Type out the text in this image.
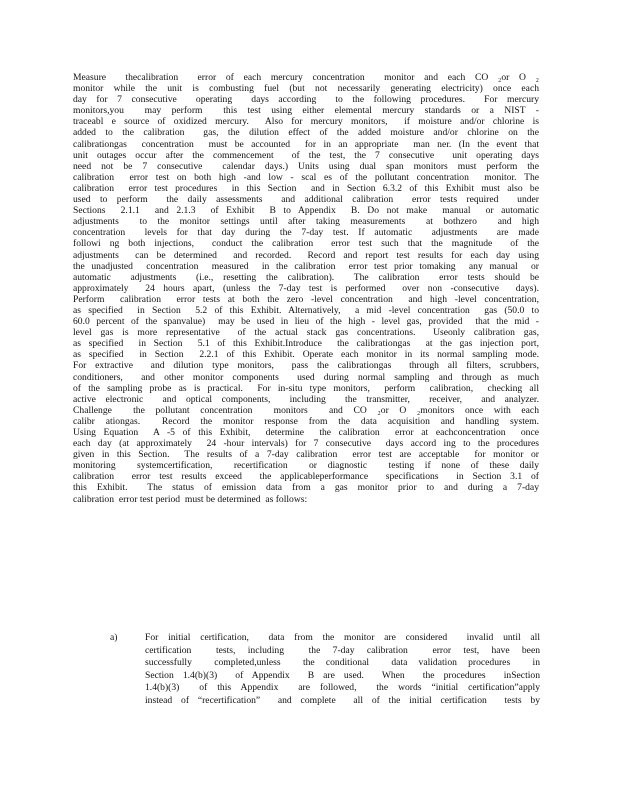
Measure  thecalibration  error of each mercury concentration  monitor and each CO ₂or O ₂
monitor while the unit is combusting fuel (but not necessarily generating electricity) once each
day for 7 consecutive  operating  days according  to the following procedures.  For mercury
monitors,you  may perform  this test using either elemental mercury standards or a NIST -
traceabl e source of oxidized mercury.  Also for mercury monitors,  if moisture and/or chlorine is
added to the calibration  gas, the dilution effect of the added moisture and/or chlorine on the
calibrationgas  concentration  must be accounted  for in an appropriate  man ner. (In the event that
unit outages occur after the commencement  of the test, the 7 consecutive  unit operating days
need not be 7 consecutive  calendar days.) Units using dual span monitors must perform the
calibration  error test on both high -and low - scal es of the pollutant concentration  monitor. The
calibration  error test procedures  in this Section  and in Section 6.3.2 of this Exhibit must also be
used to perform  the daily assessments  and additional calibration  error tests required  under
Sections  2.1.1  and 2.1.3  of Exhibit  B to Appendix  B. Do not make  manual  or automatic
adjustments  to the monitor settings until after taking measurements  at bothzero  and high
concentration  levels for that day during the 7-day test. If automatic  adjustments  are made
followi ng both injections,  conduct the calibration  error test such that the magnitude  of the
adjustments  can be determined  and recorded.  Record and report test results for each day using
the unadjusted  concentration  measured  in the calibration  error test prior tomaking  any manual  or
automatic  adjustments  (i.e., resetting the calibration).  The calibration  error tests should be
approximately  24 hours apart, (unless the 7-day test is performed  over non -consecutive  days).
Perform  calibration  error tests at both the zero -level concentration  and high -level concentration,
as specified  in Section  5.2 of this Exhibit. Alternatively,  a mid -level concentration  gas (50.0 to
60.0 percent of the spanvalue)  may be used in lieu of the high - level gas, provided  that the mid -
level gas is more representative  of the actual stack gas concentrations.  Useonly calibration gas,
as specified  in Section  5.1 of this Exhibit.Introduce  the calibrationgas  at the gas injection port,
as specified  in Section  2.2.1 of this Exhibit. Operate each monitor in its normal sampling mode.
For extractive  and dilution type monitors,  pass the calibrationgas  through all filters, scrubbers,
conditioners,  and other monitor components  used during normal sampling and through as much
of the sampling probe as is practical.  For in-situ type monitors,  perform  calibration,  checking all
active electronic  and optical components,  including  the transmitter,  receiver,  and analyzer.
Challenge  the pollutant concentration  monitors  and CO ₂or O ₂monitors once with each
calibr ationgas.  Record the monitor response from the data acquisition and handling system.
Using Equation  A -5 of this Exhibit,  determine  the calibration  error at eachconcentration  once
each day (at approximately  24 -hour intervals) for 7 consecutive  days accord ing to the procedures
given in this Section.  The results of a 7-day calibration  error test are acceptable  for monitor or
monitoring  systemcertification,  recertification  or diagnostic  testing if none of these daily
calibration  error test results exceed  the applicableperformance  specifications  in Section 3.1 of
this Exhibit.  The status of emission data from a gas monitor prior to and during a 7-day
calibration  error test period  must be determined  as follows:
a)	For initial certification,  data from the monitor are considered  invalid until all
certification  tests, including  the 7-day calibration  error test, have been
successfully  completed,unless  the conditional  data validation procedures  in
Section 1.4(b)(3)  of Appendix  B are used.  When  the procedures  inSection
1.4(b)(3)  of this Appendix  are followed,  the words “initial certification”apply
instead of “recertification”  and complete  all of the initial certification  tests by
